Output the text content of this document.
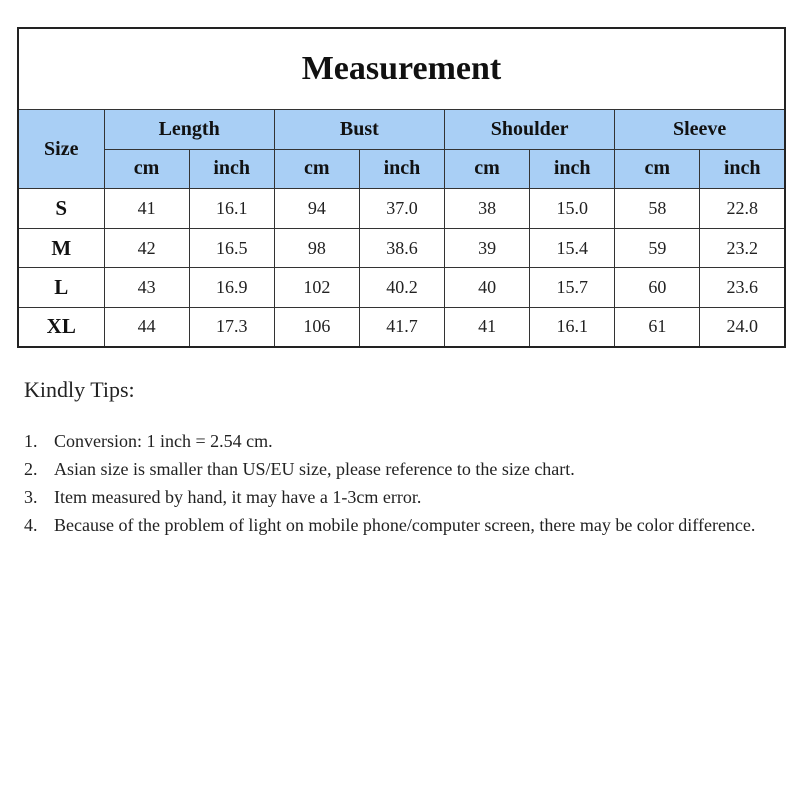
Measurement								
Size	Length		Bust		Shoulder		Sleeve	
	cm	inch	cm	inch	cm	inch	cm	inch
S	41	16.1	94	37.0	38	15.0	58	22.8
M	42	16.5	98	38.6	39	15.4	59	23.2
L	43	16.9	102	40.2	40	15.7	60	23.6
XL	44	17.3	106	41.7	41	16.1	61	24.0
Kindly Tips:
1. Conversion: 1 inch = 2.54 cm.
2. Asian size is smaller than US/EU size, please reference to the size chart.
3. Item measured by hand, it may have a 1-3cm error.
4. Because of the problem of light on mobile phone/computer screen, there may be color difference.
